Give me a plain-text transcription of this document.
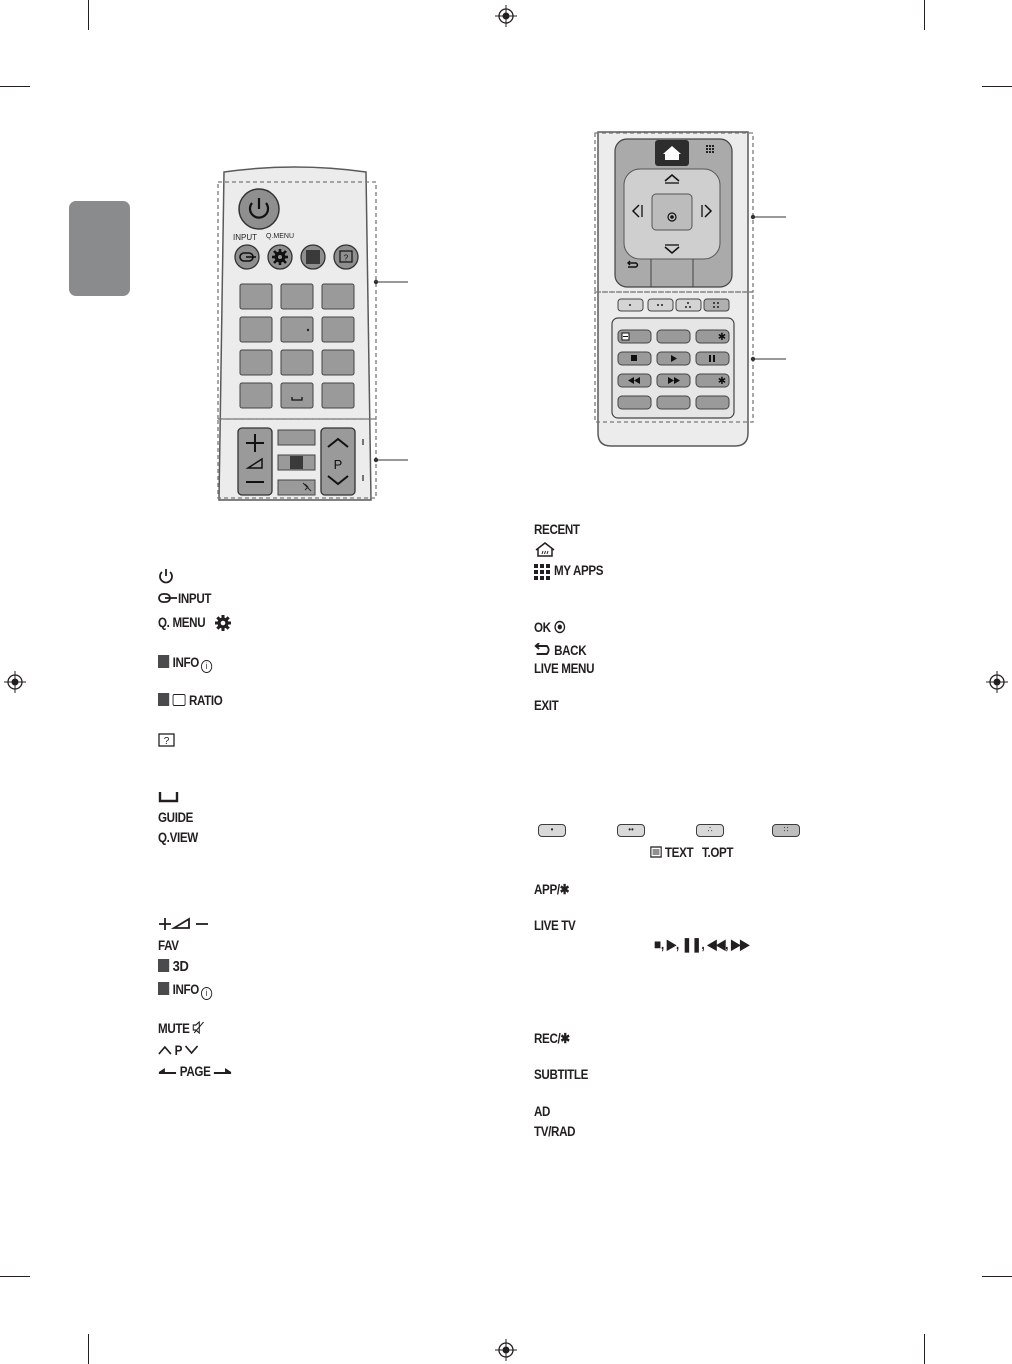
?
P
INPUT Q.MENU
✱
✱
INPUT
Q. MENU
INFO i
RATIO
?
GUIDE
Q.VIEW
FAV
3D
INFO i
MUTE
P
PAGE
RECENT
MY APPS
OK
BACK
LIVE MENU
EXIT
•	••	∴	∷
TEXT T.OPT
APP/✱
LIVE TV
■, ▶, ❚❚, ◀◀, ▶▶
REC/✱
SUBTITLE
AD
TV/RAD
